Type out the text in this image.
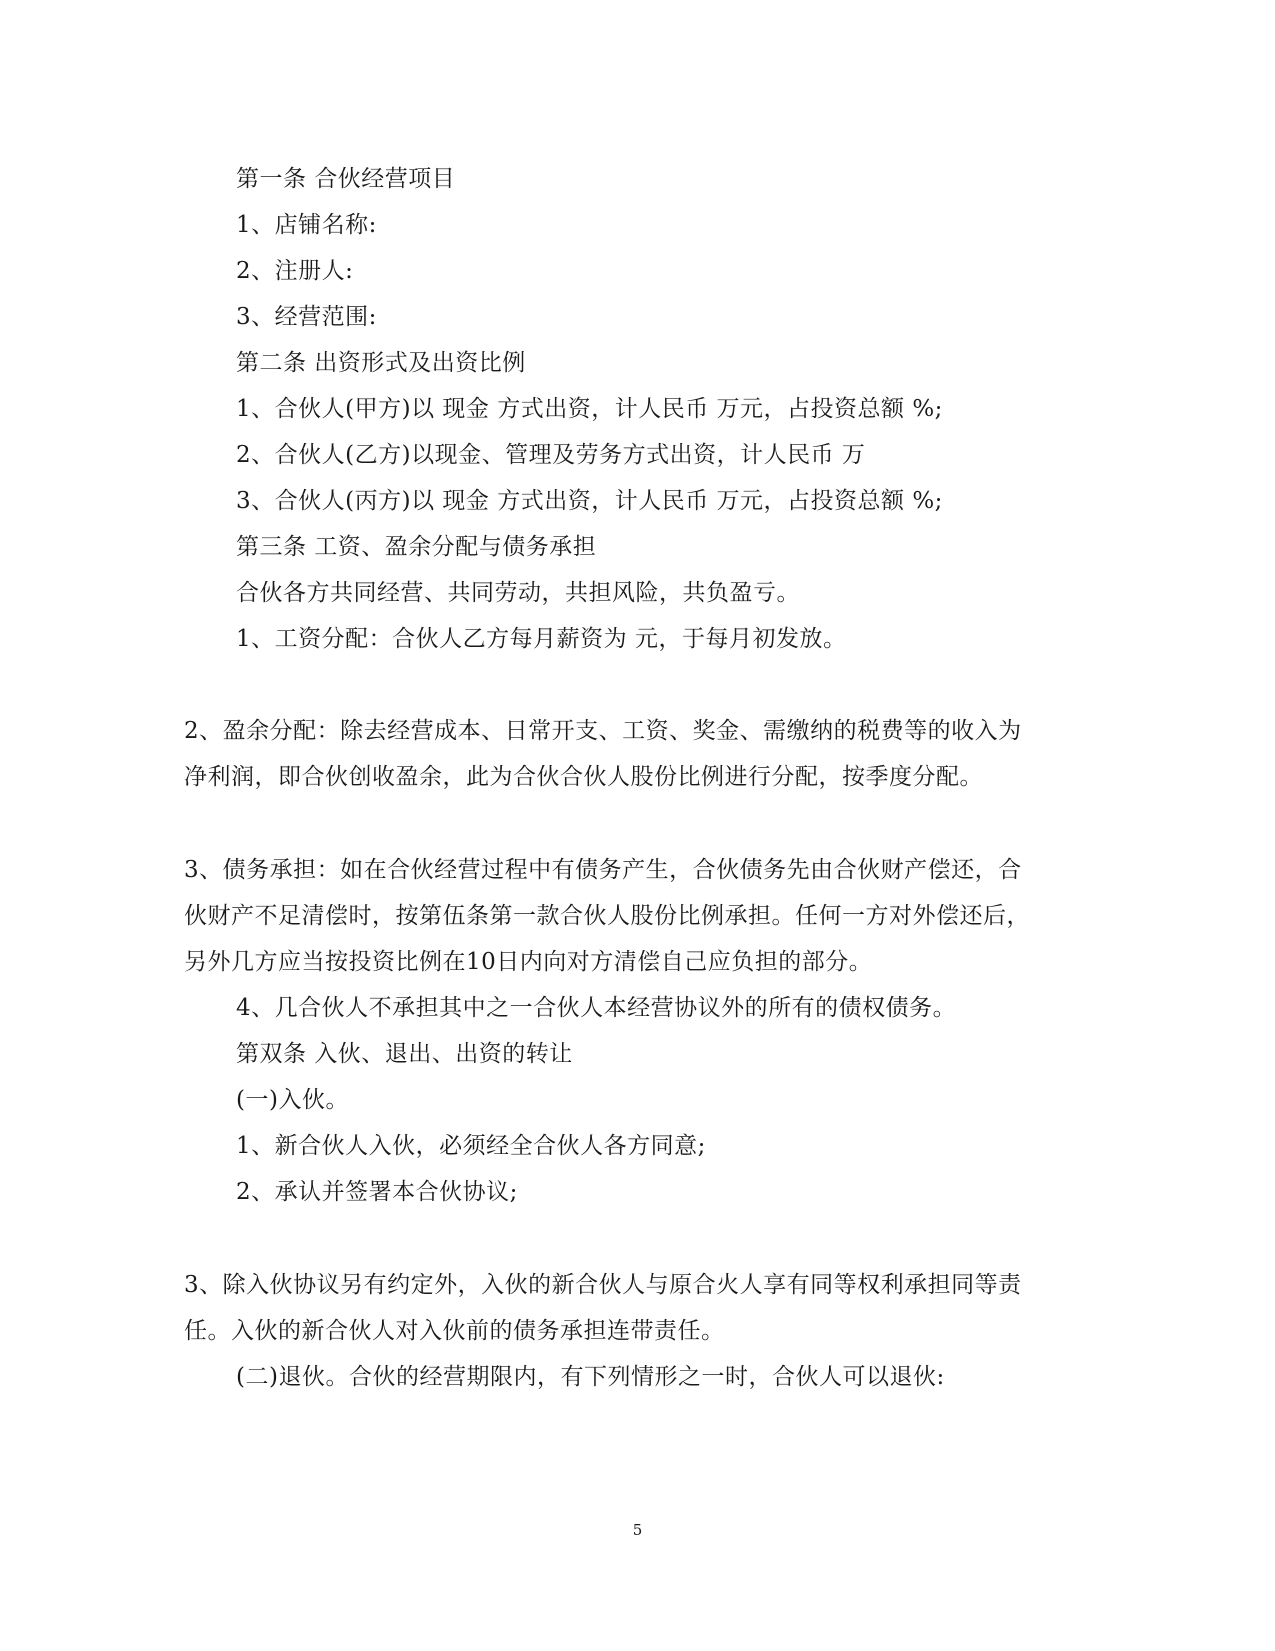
第一条 合伙经营项目
1、店铺名称:
2、注册人:
3、经营范围:
第二条 出资形式及出资比例
1、合伙人(甲方)以 现金 方式出资，计人民币 万元，占投资总额 %;
2、合伙人(乙方)以现金、管理及劳务方式出资，计人民币 万
3、合伙人(丙方)以 现金 方式出资，计人民币 万元，占投资总额 %;
第三条 工资、盈余分配与债务承担
合伙各方共同经营、共同劳动，共担风险，共负盈亏。
1、工资分配：合伙人乙方每月薪资为 元，于每月初发放。
2、盈余分配：除去经营成本、日常开支、工资、奖金、需缴纳的税费等的收入为
净利润，即合伙创收盈余，此为合伙合伙人股份比例进行分配，按季度分配。
3、债务承担：如在合伙经营过程中有债务产生，合伙债务先由合伙财产偿还，合
伙财产不足清偿时，按第伍条第一款合伙人股份比例承担。任何一方对外偿还后，
另外几方应当按投资比例在10日内向对方清偿自己应负担的部分。
4、几合伙人不承担其中之一合伙人本经营协议外的所有的债权债务。
第双条 入伙、退出、出资的转让
(一)入伙。
1、新合伙人入伙，必须经全合伙人各方同意;
2、承认并签署本合伙协议;
3、除入伙协议另有约定外，入伙的新合伙人与原合火人享有同等权利承担同等责
任。入伙的新合伙人对入伙前的债务承担连带责任。
(二)退伙。合伙的经营期限内，有下列情形之一时，合伙人可以退伙:
5
